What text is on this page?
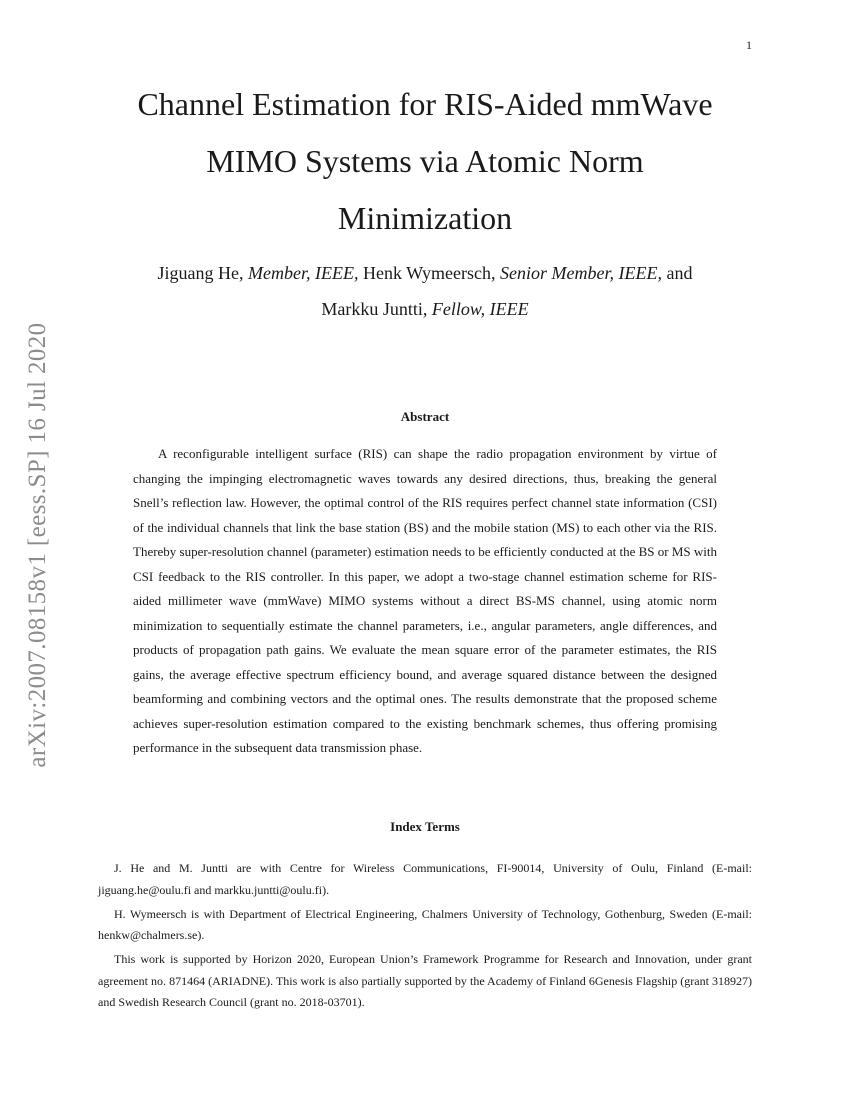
1
arXiv:2007.08158v1 [eess.SP] 16 Jul 2020
Channel Estimation for RIS-Aided mmWave
MIMO Systems via Atomic Norm
Minimization
Jiguang He, Member, IEEE, Henk Wymeersch, Senior Member, IEEE, and
Markku Juntti, Fellow, IEEE
Abstract

A reconfigurable intelligent surface (RIS) can shape the radio propagation environment by virtue of changing the impinging electromagnetic waves towards any desired directions, thus, breaking the general Snell’s reflection law. However, the optimal control of the RIS requires perfect channel state information (CSI) of the individual channels that link the base station (BS) and the mobile station (MS) to each other via the RIS. Thereby super-resolution channel (parameter) estimation needs to be efficiently conducted at the BS or MS with CSI feedback to the RIS controller. In this paper, we adopt a two-stage channel estimation scheme for RIS-aided millimeter wave (mmWave) MIMO systems without a direct BS-MS channel, using atomic norm minimization to sequentially estimate the channel parameters, i.e., angular parameters, angle differences, and products of propagation path gains. We evaluate the mean square error of the parameter estimates, the RIS gains, the average effective spectrum efficiency bound, and average squared distance between the designed beamforming and combining vectors and the optimal ones. The results demonstrate that the proposed scheme achieves super-resolution estimation compared to the existing benchmark schemes, thus offering promising performance in the subsequent data transmission phase.

Index Terms

J. He and M. Juntti are with Centre for Wireless Communications, FI-90014, University of Oulu, Finland (E-mail: jiguang.he@oulu.fi and markku.juntti@oulu.fi).

H. Wymeersch is with Department of Electrical Engineering, Chalmers University of Technology, Gothenburg, Sweden (E-mail: henkw@chalmers.se).

This work is supported by Horizon 2020, European Union’s Framework Programme for Research and Innovation, under grant agreement no. 871464 (ARIADNE). This work is also partially supported by the Academy of Finland 6Genesis Flagship (grant 318927) and Swedish Research Council (grant no. 2018-03701).
